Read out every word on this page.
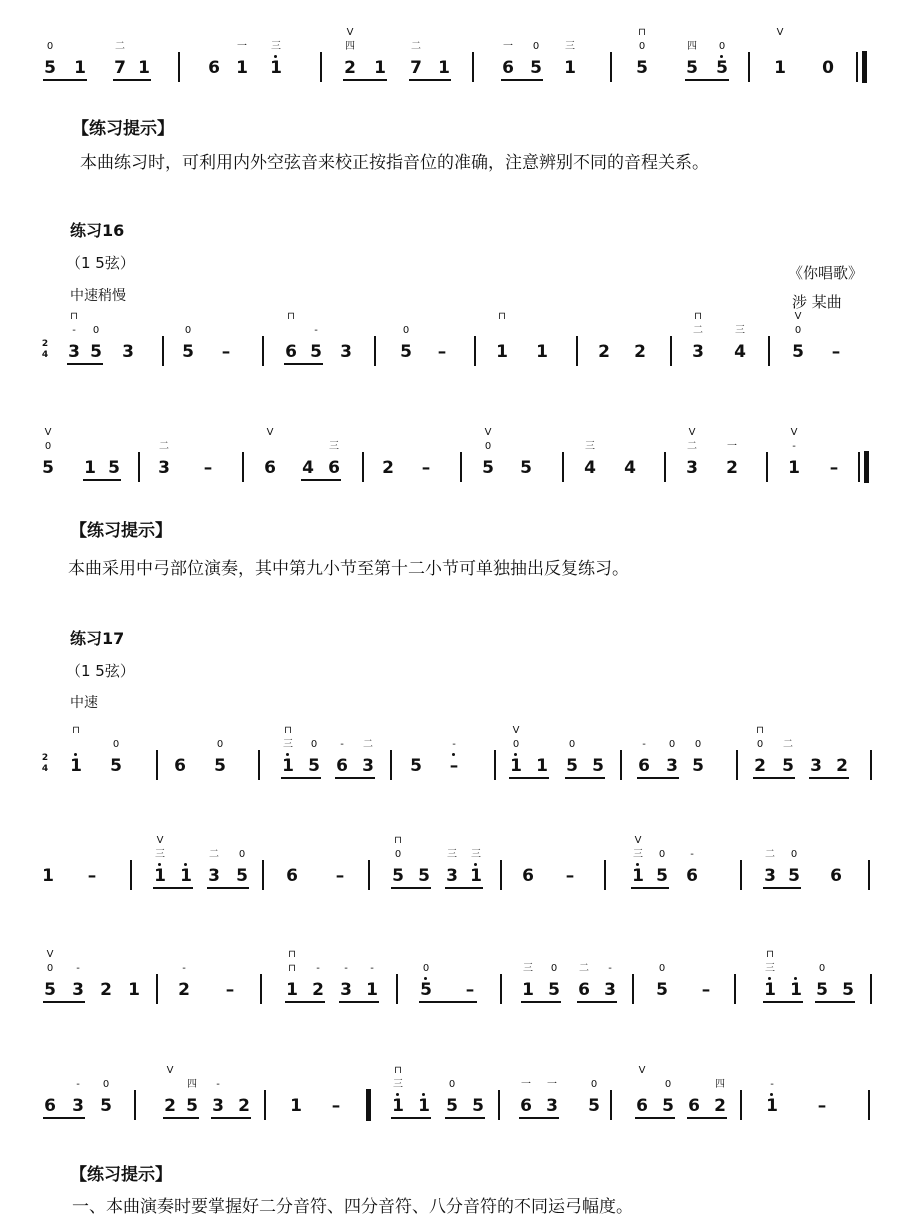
【练习提示】
本曲练习时，可利用内外空弦音来校正按指音位的准确，注意辨别不同的音程关系。
练习16
（1 5弦）
中速稍慢
《你唱歌》
涉 某曲
【练习提示】
本曲采用中弓部位演奏，其中第九小节至第十二小节可单独抽出反复练习。
练习17
（1 5弦）
中速
【练习提示】
一、本曲演奏时要掌握好二分音符、四分音符、八分音符的不同运弓幅度。
5 1 7 1	6 1 1	2 1 7 1	6 5 1	5 5 5	1 0
0	二	一	三	四	二	一	0	三	0	四	0
V
V	⊓
3 5 3	5 –	6 5 3	5 –	1 1	2 2	3 4	5 –
-	0	0	-	0
⊓
二	三	0
⊓	⊓	⊓	V
2
4
5 1 5 3 –	6 4 6 2 –	5 5	4 4	3 2	1 –
0	二	三	0	三	二	一	-
V	V	V	V	V
1 5	6 5	1 5 6 3 5 –	1 1 5 5 6 3 5	2 5 3 2
⊓
0	0	三	0	-	二	-	0	0	-	0	0	0	二
⊓	V	⊓
2
4
1 –	1 1 3 5 6 –	5 5 3 1 6 –	1 5 6	3 5 6
三	二	0	0	三	三	三	0	-	二	0
V	⊓	V
5 3 2 1 2 –	1 2 3 1 5 –	1 5 6 3 5 –	1 1 5 5
0	-	-	⊓	-	-	-	0	三	0	二	-	0	三	0
V	⊓	⊓
6 3 5	2 5 3 2 1 –	1 1 5 5 6 3 5 6 5 6 2 1 –
-	0
V
四	-	三	0	一	一	0
V
0	四	-
⊓
